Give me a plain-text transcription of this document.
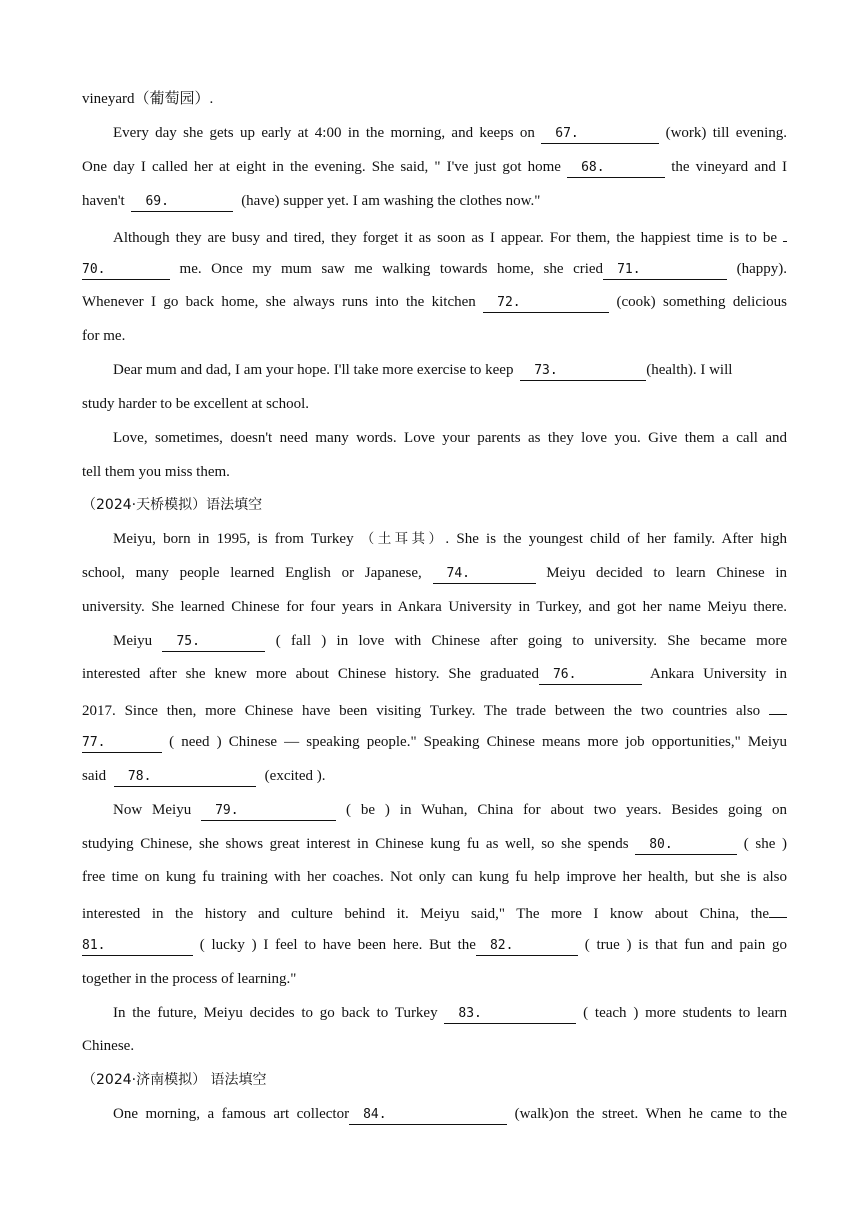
vineyard（葡萄园）.
Every day she gets up early at 4:00 in the morning, and keeps on 67.	(work) till evening.
One day I called her at eight in the evening. She said, " I've just got home 68.	the vineyard and I
haven't 69.	(have) supper yet. I am washing the clothes now."
Although they are busy and tired, they forget it as soon as I appear. For them, the happiest time is to be
70.	me. Once my mum saw me walking towards home, she cried 71.	(happy).
Whenever I go back home, she always runs into the kitchen 72.	(cook) something delicious
for me.
Dear mum and dad, I am your hope. I'll take more exercise to keep 73.	(health). I will
study harder to be excellent at school.
Love, sometimes, doesn't need many words. Love your parents as they love you. Give them a call and
tell them you miss them.
（2024·天桥模拟）语法填空
Meiyu, born in 1995, is from Turkey （土耳其）. She is the youngest child of her family. After high
school, many people learned English or Japanese, 74.	Meiyu decided to learn Chinese in
university. She learned Chinese for four years in Ankara University in Turkey, and got her name Meiyu there.
Meiyu 75.	( fall ) in love with Chinese after going to university. She became more
interested after she knew more about Chinese history. She graduated 76.	Ankara University in
2017. Since then, more Chinese have been visiting Turkey. The trade between the two countries also
77.	( need ) Chinese — speaking people." Speaking Chinese means more job opportunities," Meiyu
said 78.	(excited ).
Now Meiyu 79.	( be ) in Wuhan, China for about two years. Besides going on
studying Chinese, she shows great interest in Chinese kung fu as well, so she spends 80.	( she )
free time on kung fu training with her coaches. Not only can kung fu help improve her health, but she is also
interested in the history and culture behind it. Meiyu said," The more I know about China, the
81.	( lucky ) I feel to have been here. But the 82.	( true ) is that fun and pain go
together in the process of learning."
In the future, Meiyu decides to go back to Turkey 83.	( teach ) more students to learn
Chinese.
（2024·济南模拟） 语法填空
One morning, a famous art collector 84.	(walk)on the street. When he came to the
